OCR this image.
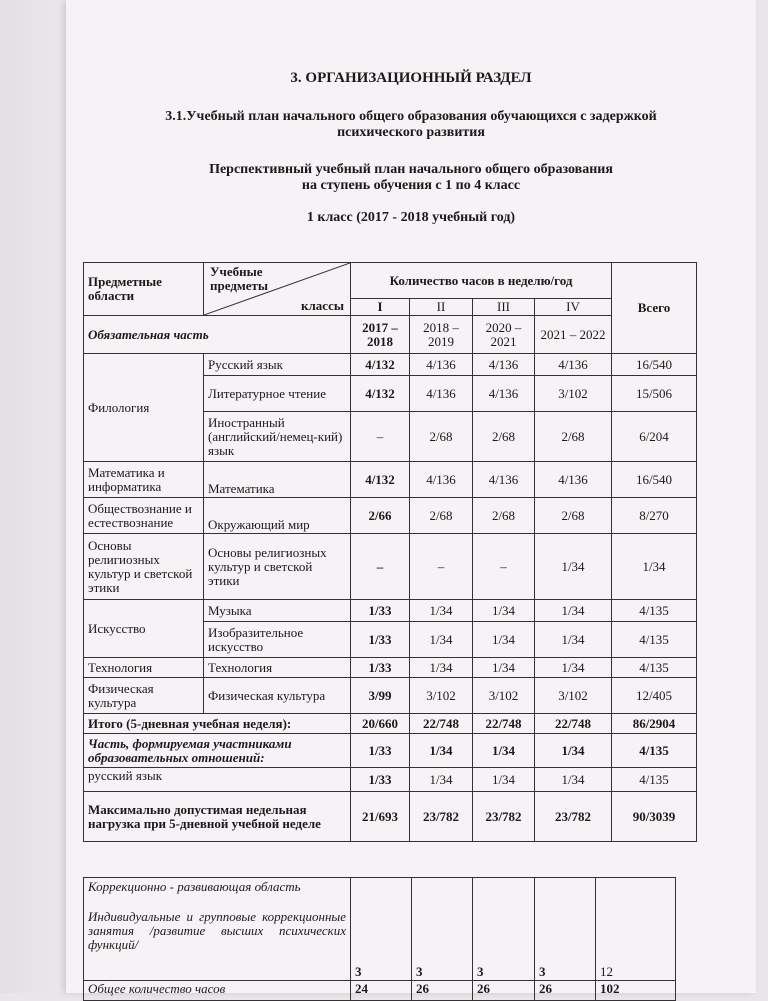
3. ОРГАНИЗАЦИОННЫЙ РАЗДЕЛ
3.1.Учебный план начального общего образования обучающихся с задержкой
психического развития
Перспективный учебный план начального общего образования
на ступень обучения с 1 по 4 класс
1 класс (2017 - 2018 учебный год)
Предметные области	Учебные предметы
классы	Количество часов в неделю/год				Всего
		I	II	III	IV	
Обязательная часть		2017 – 2018	2018 – 2019	2020 – 2021	2021 – 2022	
Филология	Русский язык	4/132	4/136	4/136	4/136	16/540
	Литературное чтение	4/132	4/136	4/136	3/102	15/506
	Иностранный (английский/немец-кий) язык	–	2/68	2/68	2/68	6/204
Математика и информатика	Математика	4/132	4/136	4/136	4/136	16/540
Обществознание и естествознание	Окружающий мир	2/66	2/68	2/68	2/68	8/270
Основы религиозных культур и светской этики	Основы религиозных культур и светской этики	–	–	–	1/34	1/34
Искусство	Музыка	1/33	1/34	1/34	1/34	4/135
	Изобразительное искусство	1/33	1/34	1/34	1/34	4/135
Технология	Технология	1/33	1/34	1/34	1/34	4/135
Физическая культура	Физическая культура	3/99	3/102	3/102	3/102	12/405
Итого (5-дневная учебная неделя):		20/660	22/748	22/748	22/748	86/2904
Часть, формируемая участниками образовательных отношений:		1/33	1/34	1/34	1/34	4/135
русский язык		1/33	1/34	1/34	1/34	4/135
Максимально допустимая недельная нагрузка при 5-дневной учебной неделе		21/693	23/782	23/782	23/782	90/3039
Коррекционно - развивающая область
Индивидуальные и групповые коррекционные занятия /развитие высших психических функций/	3	3	3	3	12
Общее количество часов	24	26	26	26	102
